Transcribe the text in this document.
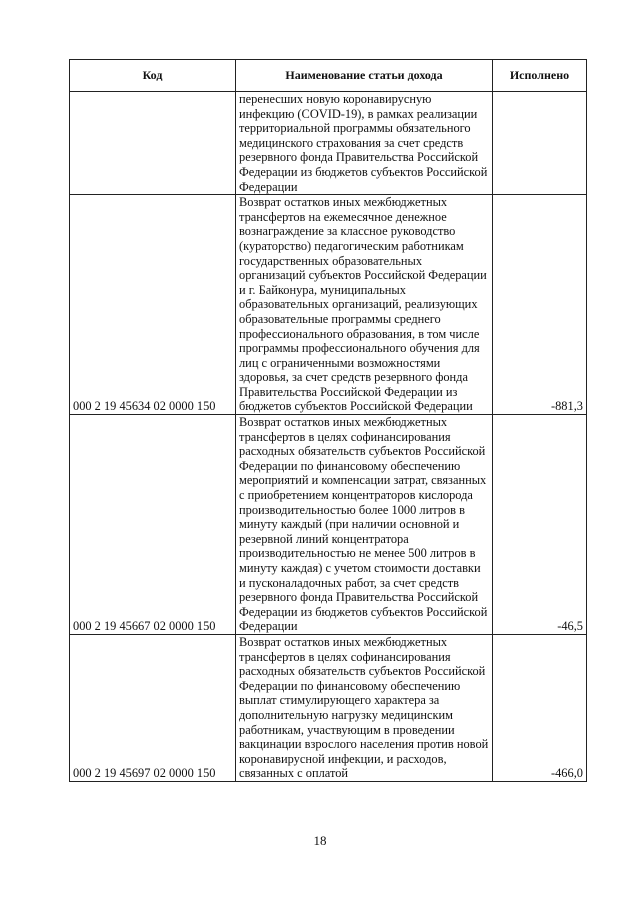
Код	Наименование статьи дохода	Исполнено
	перенесших новую коронавирусную инфекцию (COVID-19), в рамках реализации территориальной программы обязательного медицинского страхования за счет средств резервного фонда Правительства Российской Федерации из бюджетов субъектов Российской Федерации	
000 2 19 45634 02 0000 150	Возврат остатков иных межбюджетных трансфертов на ежемесячное денежное вознаграждение за классное руководство (кураторство) педагогическим работникам государственных образовательных организаций субъектов Российской Федерации и г. Байконура, муниципальных образовательных организаций, реализующих образовательные программы среднего профессионального образования, в том числе программы профессионального обучения для лиц с ограниченными возможностями здоровья, за счет средств резервного фонда Правительства Российской Федерации из бюджетов субъектов Российской Федерации	-881,3
000 2 19 45667 02 0000 150	Возврат остатков иных межбюджетных трансфертов в целях софинансирования расходных обязательств субъектов Российской Федерации по финансовому обеспечению мероприятий и компенсации затрат, связанных с приобретением концентраторов кислорода производительностью более 1000 литров в минуту каждый (при наличии основной и резервной линий концентратора производительностью не менее 500 литров в минуту каждая) с учетом стоимости доставки и пусконаладочных работ, за счет средств резервного фонда Правительства Российской Федерации из бюджетов субъектов Российской Федерации	-46,5
000 2 19 45697 02 0000 150	Возврат остатков иных межбюджетных трансфертов в целях софинансирования расходных обязательств субъектов Российской Федерации по финансовому обеспечению выплат стимулирующего характера за дополнительную нагрузку медицинским работникам, участвующим в проведении вакцинации взрослого населения против новой коронавирусной инфекции, и расходов, связанных с оплатой	-466,0
18
